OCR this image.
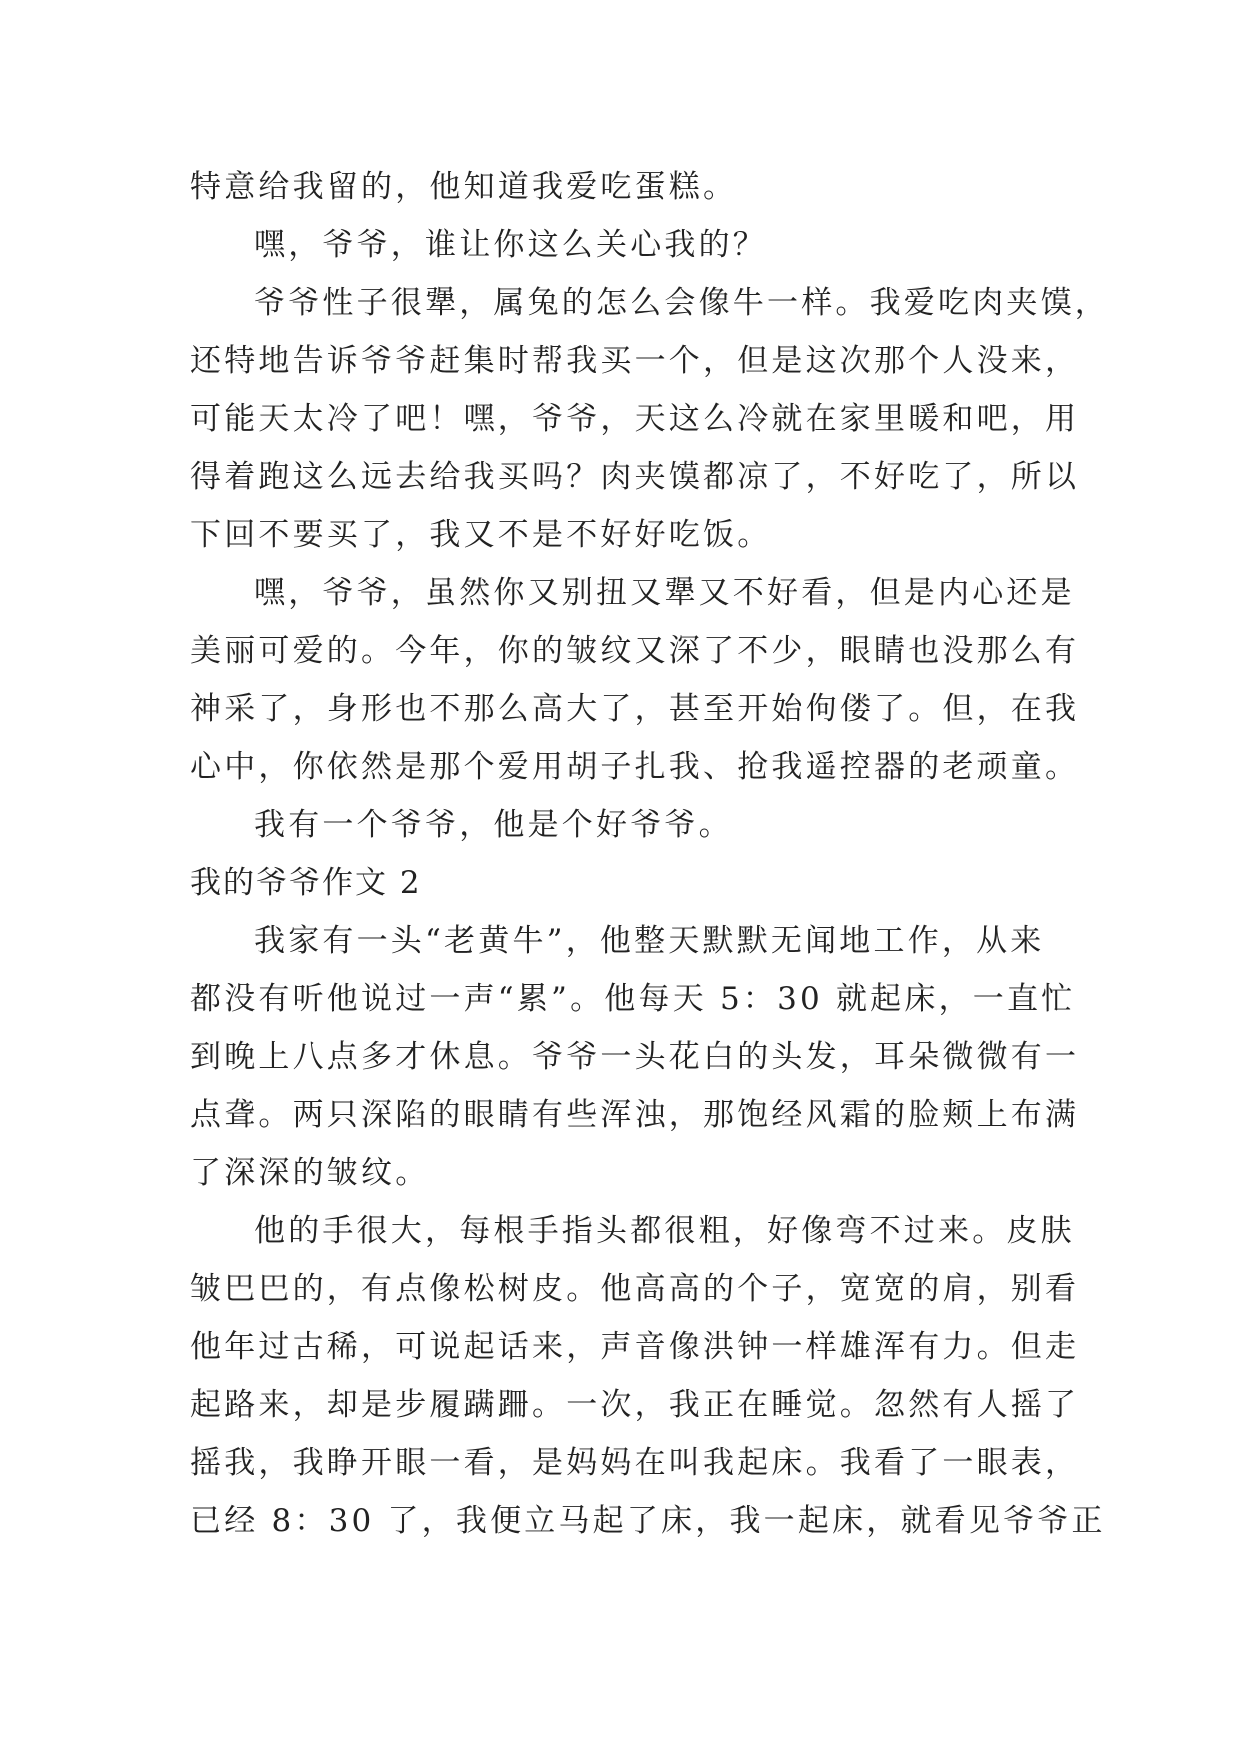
特意给我留的，他知道我爱吃蛋糕。
嘿，爷爷，谁让你这么关心我的？
爷爷性子很犟，属兔的怎么会像牛一样。我爱吃肉夹馍，
还特地告诉爷爷赶集时帮我买一个，但是这次那个人没来，
可能天太冷了吧！嘿，爷爷，天这么冷就在家里暖和吧，用
得着跑这么远去给我买吗？肉夹馍都凉了，不好吃了，所以
下回不要买了，我又不是不好好吃饭。
嘿，爷爷，虽然你又别扭又犟又不好看，但是内心还是
美丽可爱的。今年，你的皱纹又深了不少，眼睛也没那么有
神采了，身形也不那么高大了，甚至开始佝偻了。但，在我
心中，你依然是那个爱用胡子扎我、抢我遥控器的老顽童。
我有一个爷爷，他是个好爷爷。
我的爷爷作文 2
我家有一头“老黄牛”，他整天默默无闻地工作，从来
都没有听他说过一声“累”。他每天 5：30 就起床，一直忙
到晚上八点多才休息。爷爷一头花白的头发，耳朵微微有一
点聋。两只深陷的眼睛有些浑浊，那饱经风霜的脸颊上布满
了深深的皱纹。
他的手很大，每根手指头都很粗，好像弯不过来。皮肤
皱巴巴的，有点像松树皮。他高高的个子，宽宽的肩，别看
他年过古稀，可说起话来，声音像洪钟一样雄浑有力。但走
起路来，却是步履蹒跚。一次，我正在睡觉。忽然有人摇了
摇我，我睁开眼一看，是妈妈在叫我起床。我看了一眼表，
已经 8：30 了，我便立马起了床，我一起床，就看见爷爷正
